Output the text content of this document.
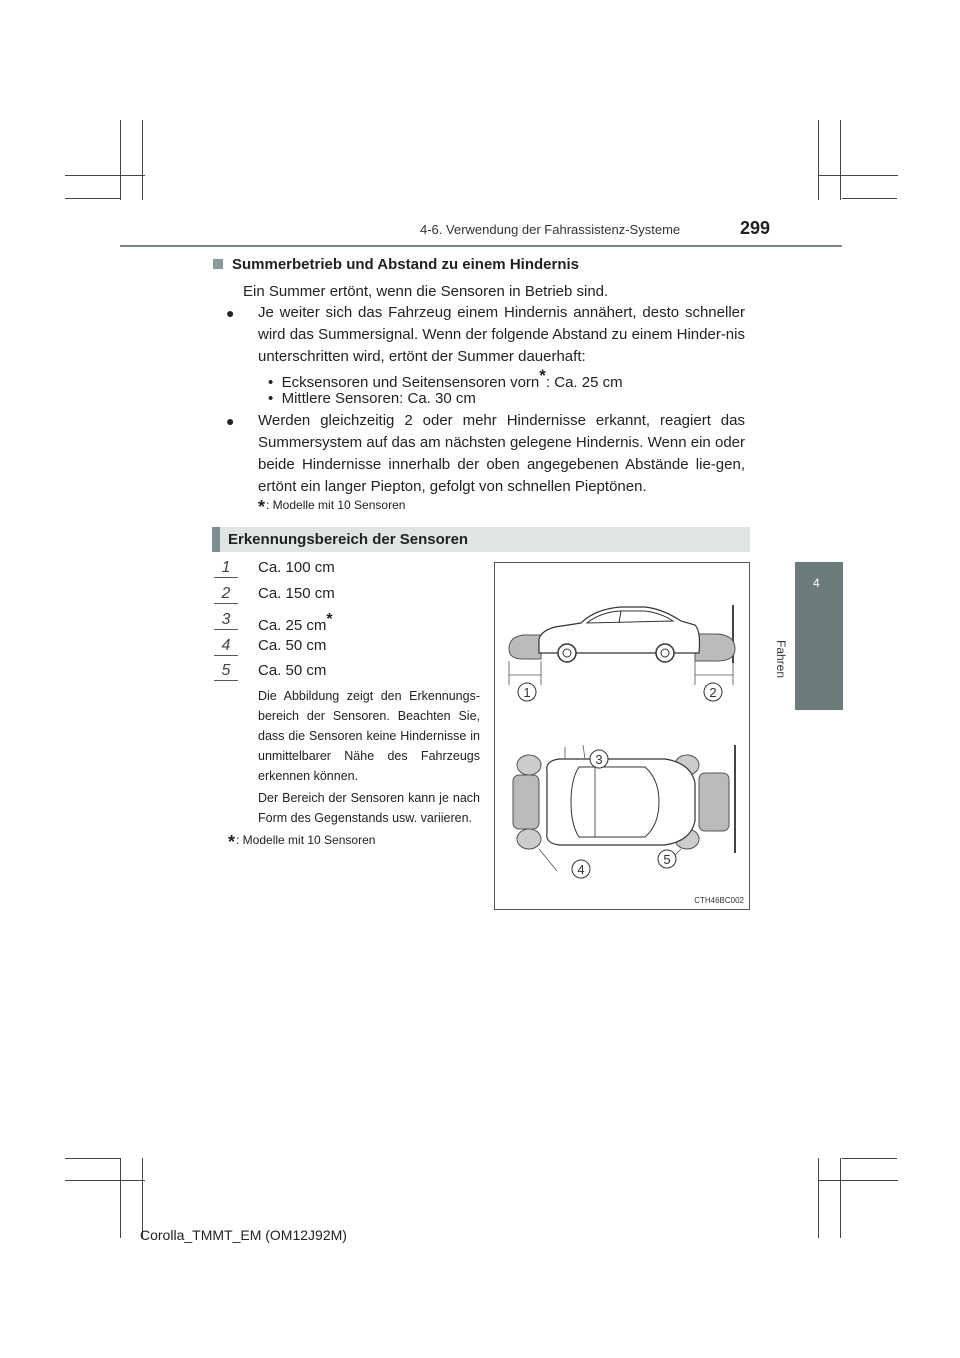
4-6. Verwendung der Fahrassistenz-Systeme	299
4
Fahren
Summerbetrieb und Abstand zu einem Hindernis
Ein Summer ertönt, wenn die Sensoren in Betrieb sind.
● Je weiter sich das Fahrzeug einem Hindernis annähert, desto schneller wird das Summersignal. Wenn der folgende Abstand zu einem Hinder-nis unterschritten wird, ertönt der Summer dauerhaft:
• Ecksensoren und Seitensensoren vorn*: Ca. 25 cm
• Mittlere Sensoren: Ca. 30 cm
● Werden gleichzeitig 2 oder mehr Hindernisse erkannt, reagiert das Summersystem auf das am nächsten gelegene Hindernis. Wenn ein oder beide Hindernisse innerhalb der oben angegebenen Abstände lie-gen, ertönt ein langer Piepton, gefolgt von schnellen Pieptönen.
*: Modelle mit 10 Sensoren
Erkennungsbereich der Sensoren
1	Ca. 100 cm
2	Ca. 150 cm
3	Ca. 25 cm*
4	Ca. 50 cm
5	Ca. 50 cm
Die Abbildung zeigt den Erkennungs-bereich der Sensoren. Beachten Sie, dass die Sensoren keine Hindernisse in unmittelbarer Nähe des Fahrzeugs erkennen können.
Der Bereich der Sensoren kann je nach Form des Gegenstands usw. variieren.
*: Modelle mit 10 Sensoren
1	2
3
4
5
CTH46BC002
Corolla_TMMT_EM (OM12J92M)
